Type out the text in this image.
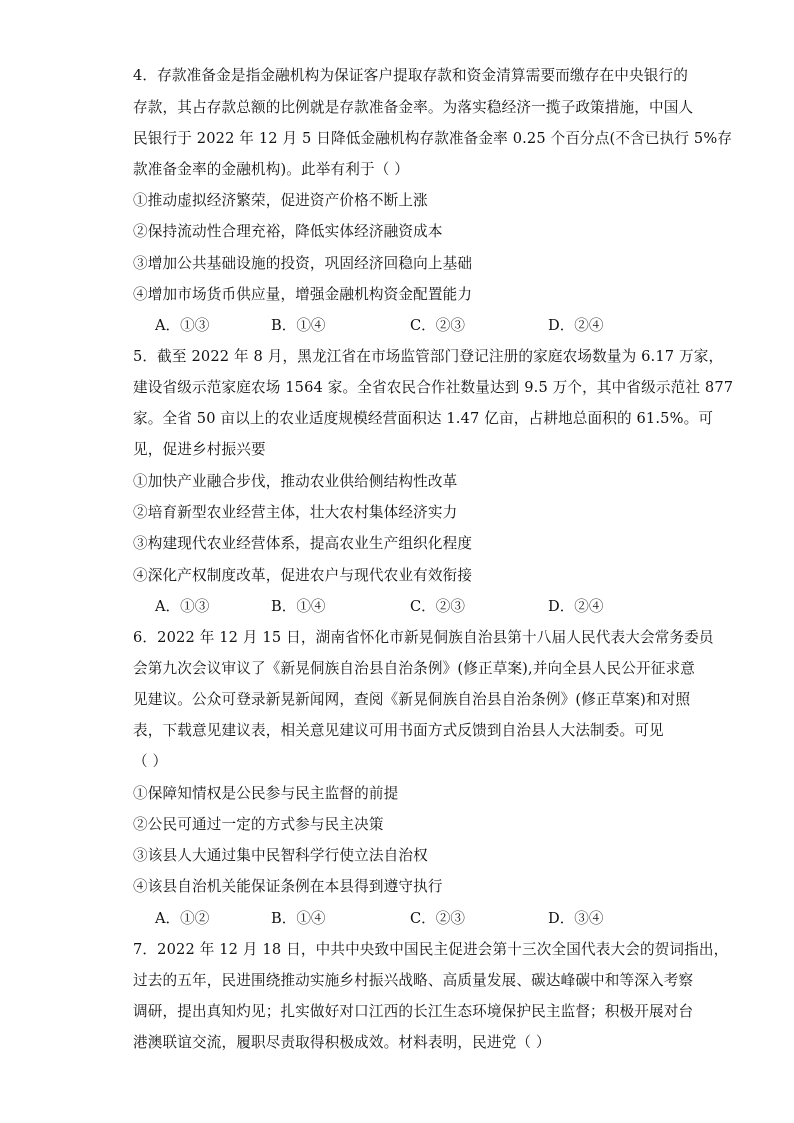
4．存款准备金是指金融机构为保证客户提取存款和资金清算需要而缴存在中央银行的
存款，其占存款总额的比例就是存款准备金率。为落实稳经济一揽子政策措施，中国人
民银行于 2022 年 12 月 5 日降低金融机构存款准备金率 0.25 个百分点(不含已执行 5%存
款准备金率的金融机构)。此举有利于（ ）
①推动虚拟经济繁荣，促进资产价格不断上涨
②保持流动性合理充裕，降低实体经济融资成本
③增加公共基础设施的投资，巩固经济回稳向上基础
④增加市场货币供应量，增强金融机构资金配置能力
A．①③	B．①④	C．②③	D．②④
5．截至 2022 年 8 月，黑龙江省在市场监管部门登记注册的家庭农场数量为 6.17 万家，
建设省级示范家庭农场 1564 家。全省农民合作社数量达到 9.5 万个，其中省级示范社 877
家。全省 50 亩以上的农业适度规模经营面积达 1.47 亿亩，占耕地总面积的 61.5%。可
见，促进乡村振兴要
①加快产业融合步伐，推动农业供给侧结构性改革
②培育新型农业经营主体，壮大农村集体经济实力
③构建现代农业经营体系，提高农业生产组织化程度
④深化产权制度改革，促进农户与现代农业有效衔接
A．①③	B．①④	C．②③	D．②④
6．2022 年 12 月 15 日，湖南省怀化市新晃侗族自治县第十八届人民代表大会常务委员
会第九次会议审议了《新晃侗族自治县自治条例》(修正草案),并向全县人民公开征求意
见建议。公众可登录新晃新闻网，查阅《新晃侗族自治县自治条例》(修正草案)和对照
表，下载意见建议表，相关意见建议可用书面方式反馈到自治县人大法制委。可见
（ ）
①保障知情权是公民参与民主监督的前提
②公民可通过一定的方式参与民主决策
③该县人大通过集中民智科学行使立法自治权
④该县自治机关能保证条例在本县得到遵守执行
A．①②	B．①④	C．②③	D．③④
7．2022 年 12 月 18 日，中共中央致中国民主促进会第十三次全国代表大会的贺词指出，
过去的五年，民进围绕推动实施乡村振兴战略、高质量发展、碳达峰碳中和等深入考察
调研，提出真知灼见；扎实做好对口江西的长江生态环境保护民主监督；积极开展对台
港澳联谊交流，履职尽责取得积极成效。材料表明，民进党（ ）
